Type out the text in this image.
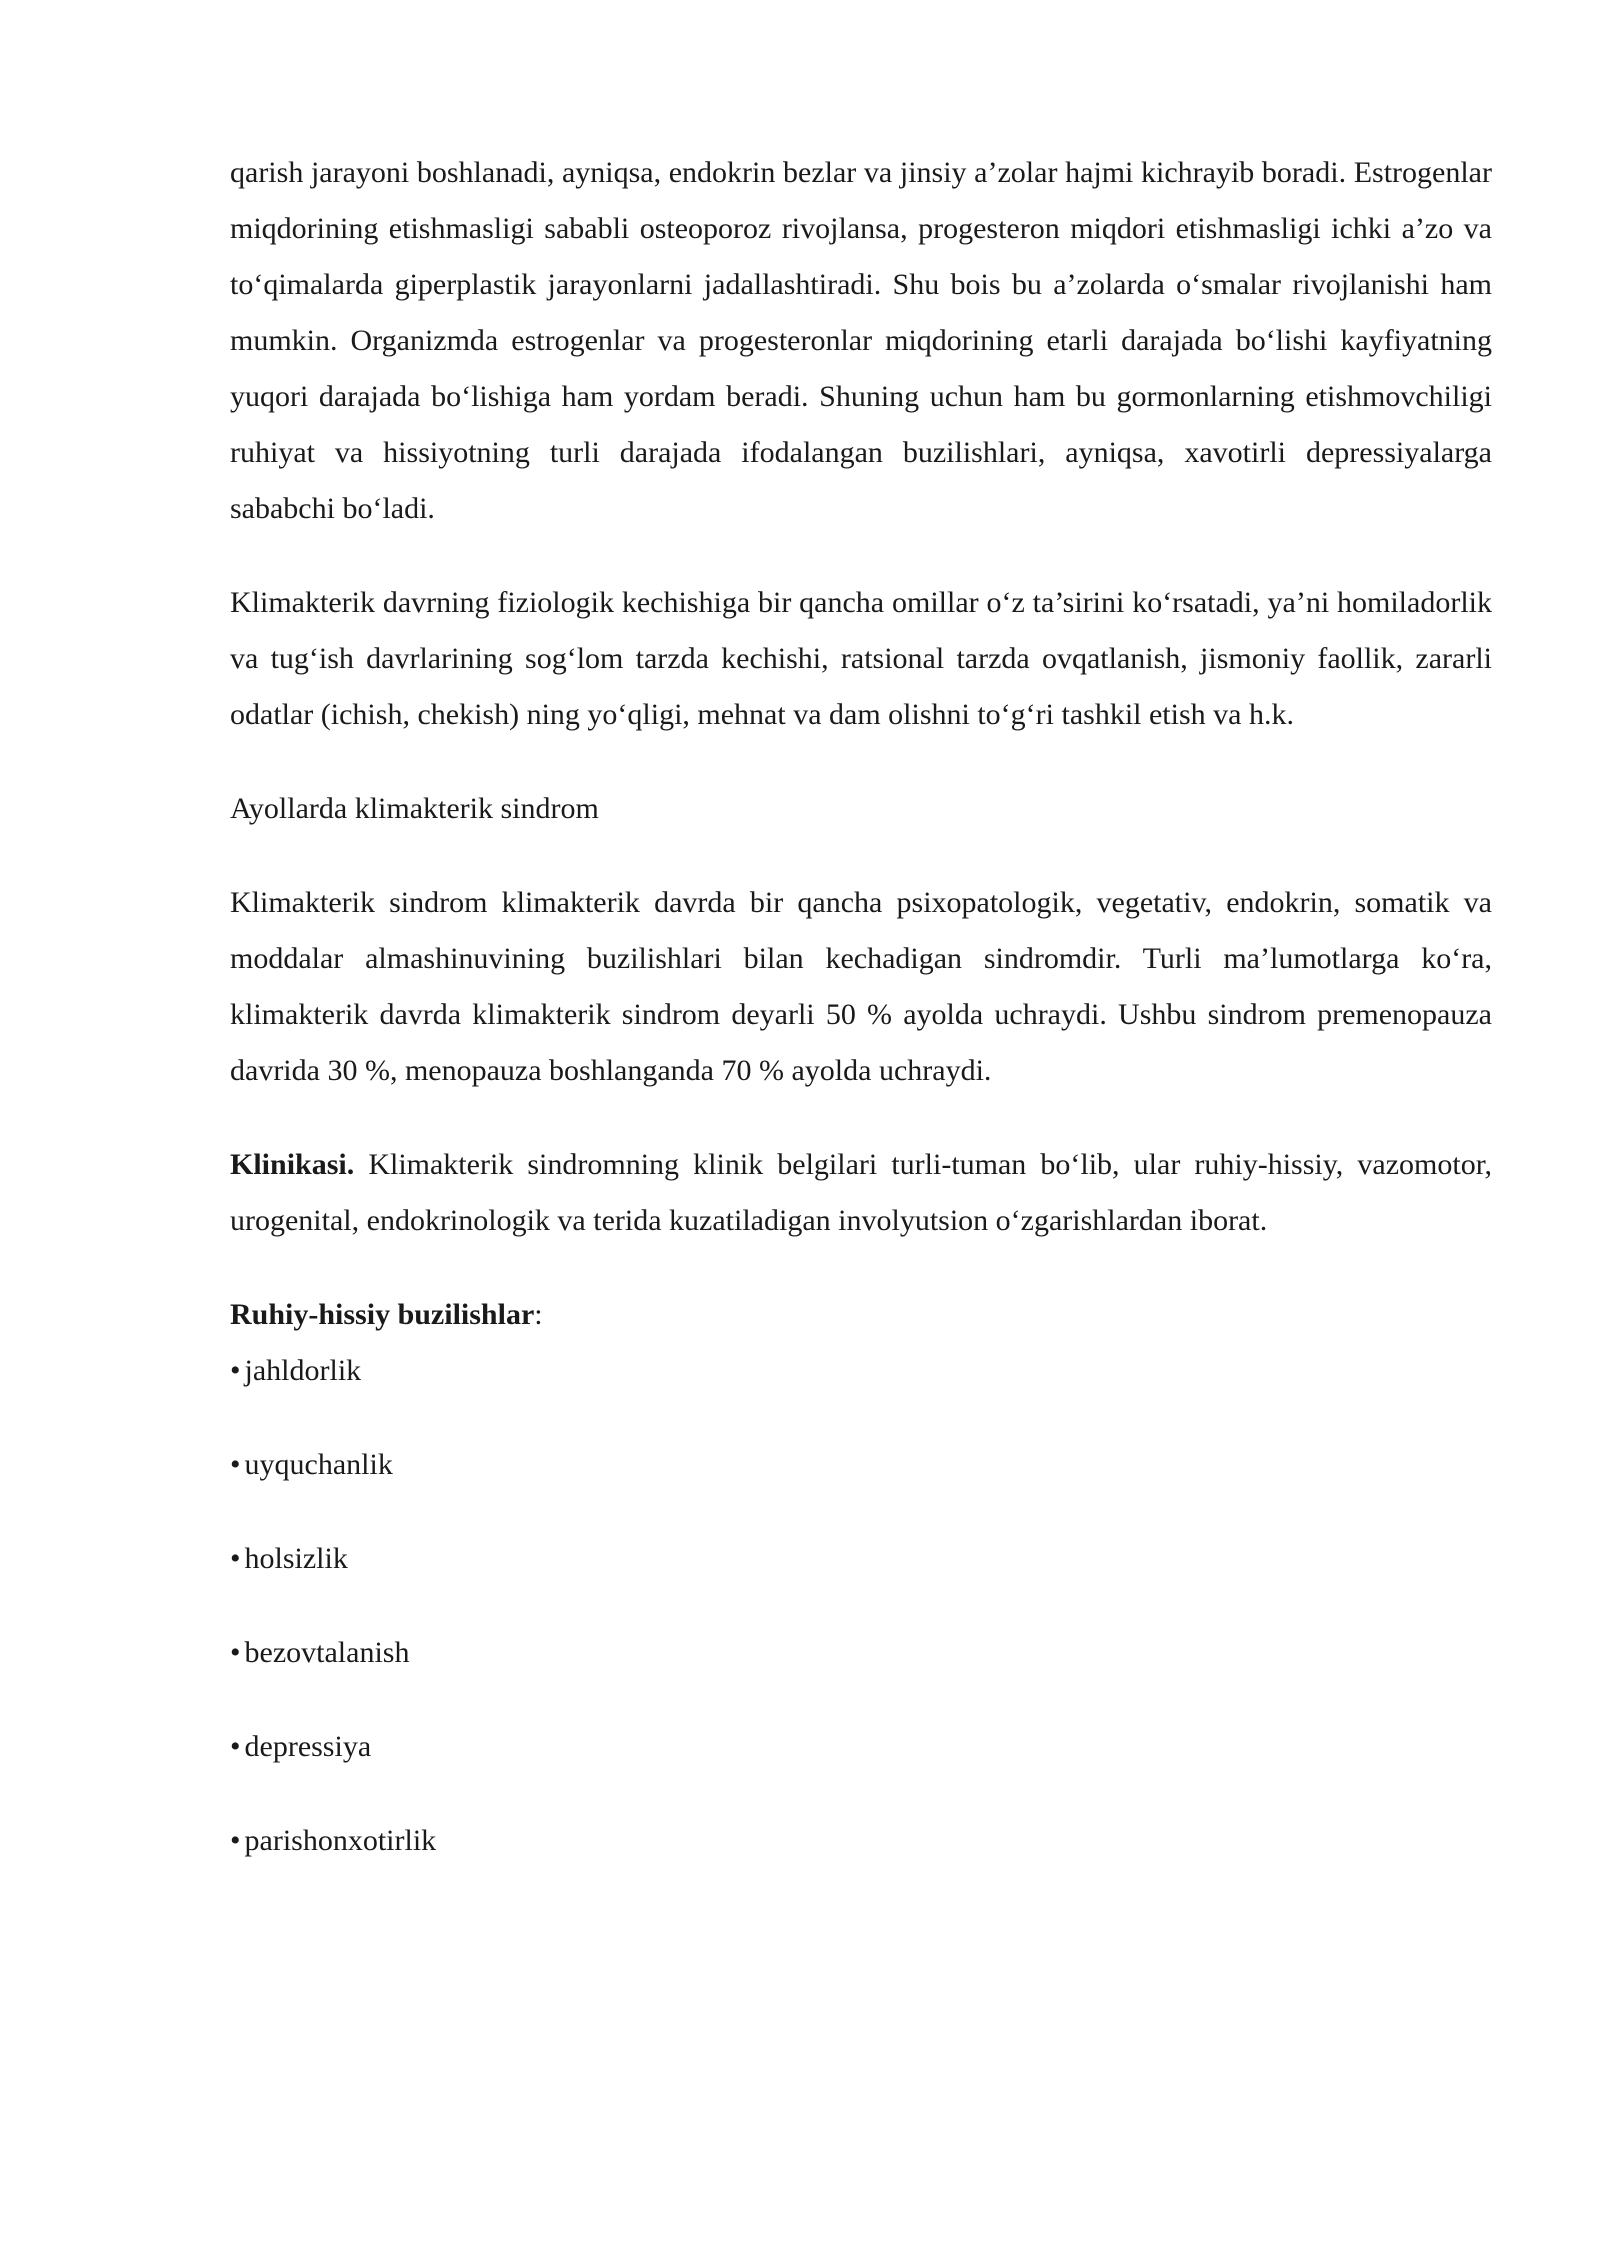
qarish jarayoni boshlanadi, ayniqsa, endokrin bezlar va jinsiy a’zolar hajmi kichrayib boradi. Estrogenlar miqdorining etishmasligi sababli osteoporoz rivojlansa, progesteron miqdori etishmasligi ichki a’zo va to‘qimalarda giperplastik jarayonlarni jadallashtiradi. Shu bois bu a’zolarda o‘smalar rivojlanishi ham mumkin. Organizmda estrogenlar va progesteronlar miqdorining etarli darajada bo‘lishi kayfiyatning yuqori darajada bo‘lishiga ham yordam beradi. Shuning uchun ham bu gormonlarning etishmovchiligi ruhiyat va hissiyotning turli darajada ifodalangan buzilishlari, ayniqsa, xavotirli depressiyalarga sababchi bo‘ladi.

Klimakterik davrning fiziologik kechishiga bir qancha omillar o‘z ta’sirini ko‘rsatadi, ya’ni homiladorlik va tug‘ish davrlarining sog‘lom tarzda kechishi, ratsional tarzda ovqatlanish, jismoniy faollik, zararli odatlar (ichish, chekish) ning yo‘qligi, mehnat va dam olishni to‘g‘ri tashkil etish va h.k.

Ayollarda klimakterik sindrom

Klimakterik sindrom klimakterik davrda bir qancha psixopatologik, vegetativ, endokrin, somatik va moddalar almashinuvining buzilishlari bilan kechadigan sindromdir. Turli ma’lumotlarga ko‘ra, klimakterik davrda klimakterik sindrom deyarli 50 % ayolda uchraydi. Ushbu sindrom premenopauza davrida 30 %, menopauza boshlanganda 70 % ayolda uchraydi.

Klinikasi. Klimakterik sindromning klinik belgilari turli-tuman bo‘lib, ular ruhiy-hissiy, vazomotor, urogenital, endokrinologik va terida kuzatiladigan involyutsion o‘zgarishlardan iborat.

Ruhiy-hissiy buzilishlar:

• jahldorlik
• uyquchanlik
• holsizlik
• bezovtalanish
• depressiya
• parishonxotirlik
